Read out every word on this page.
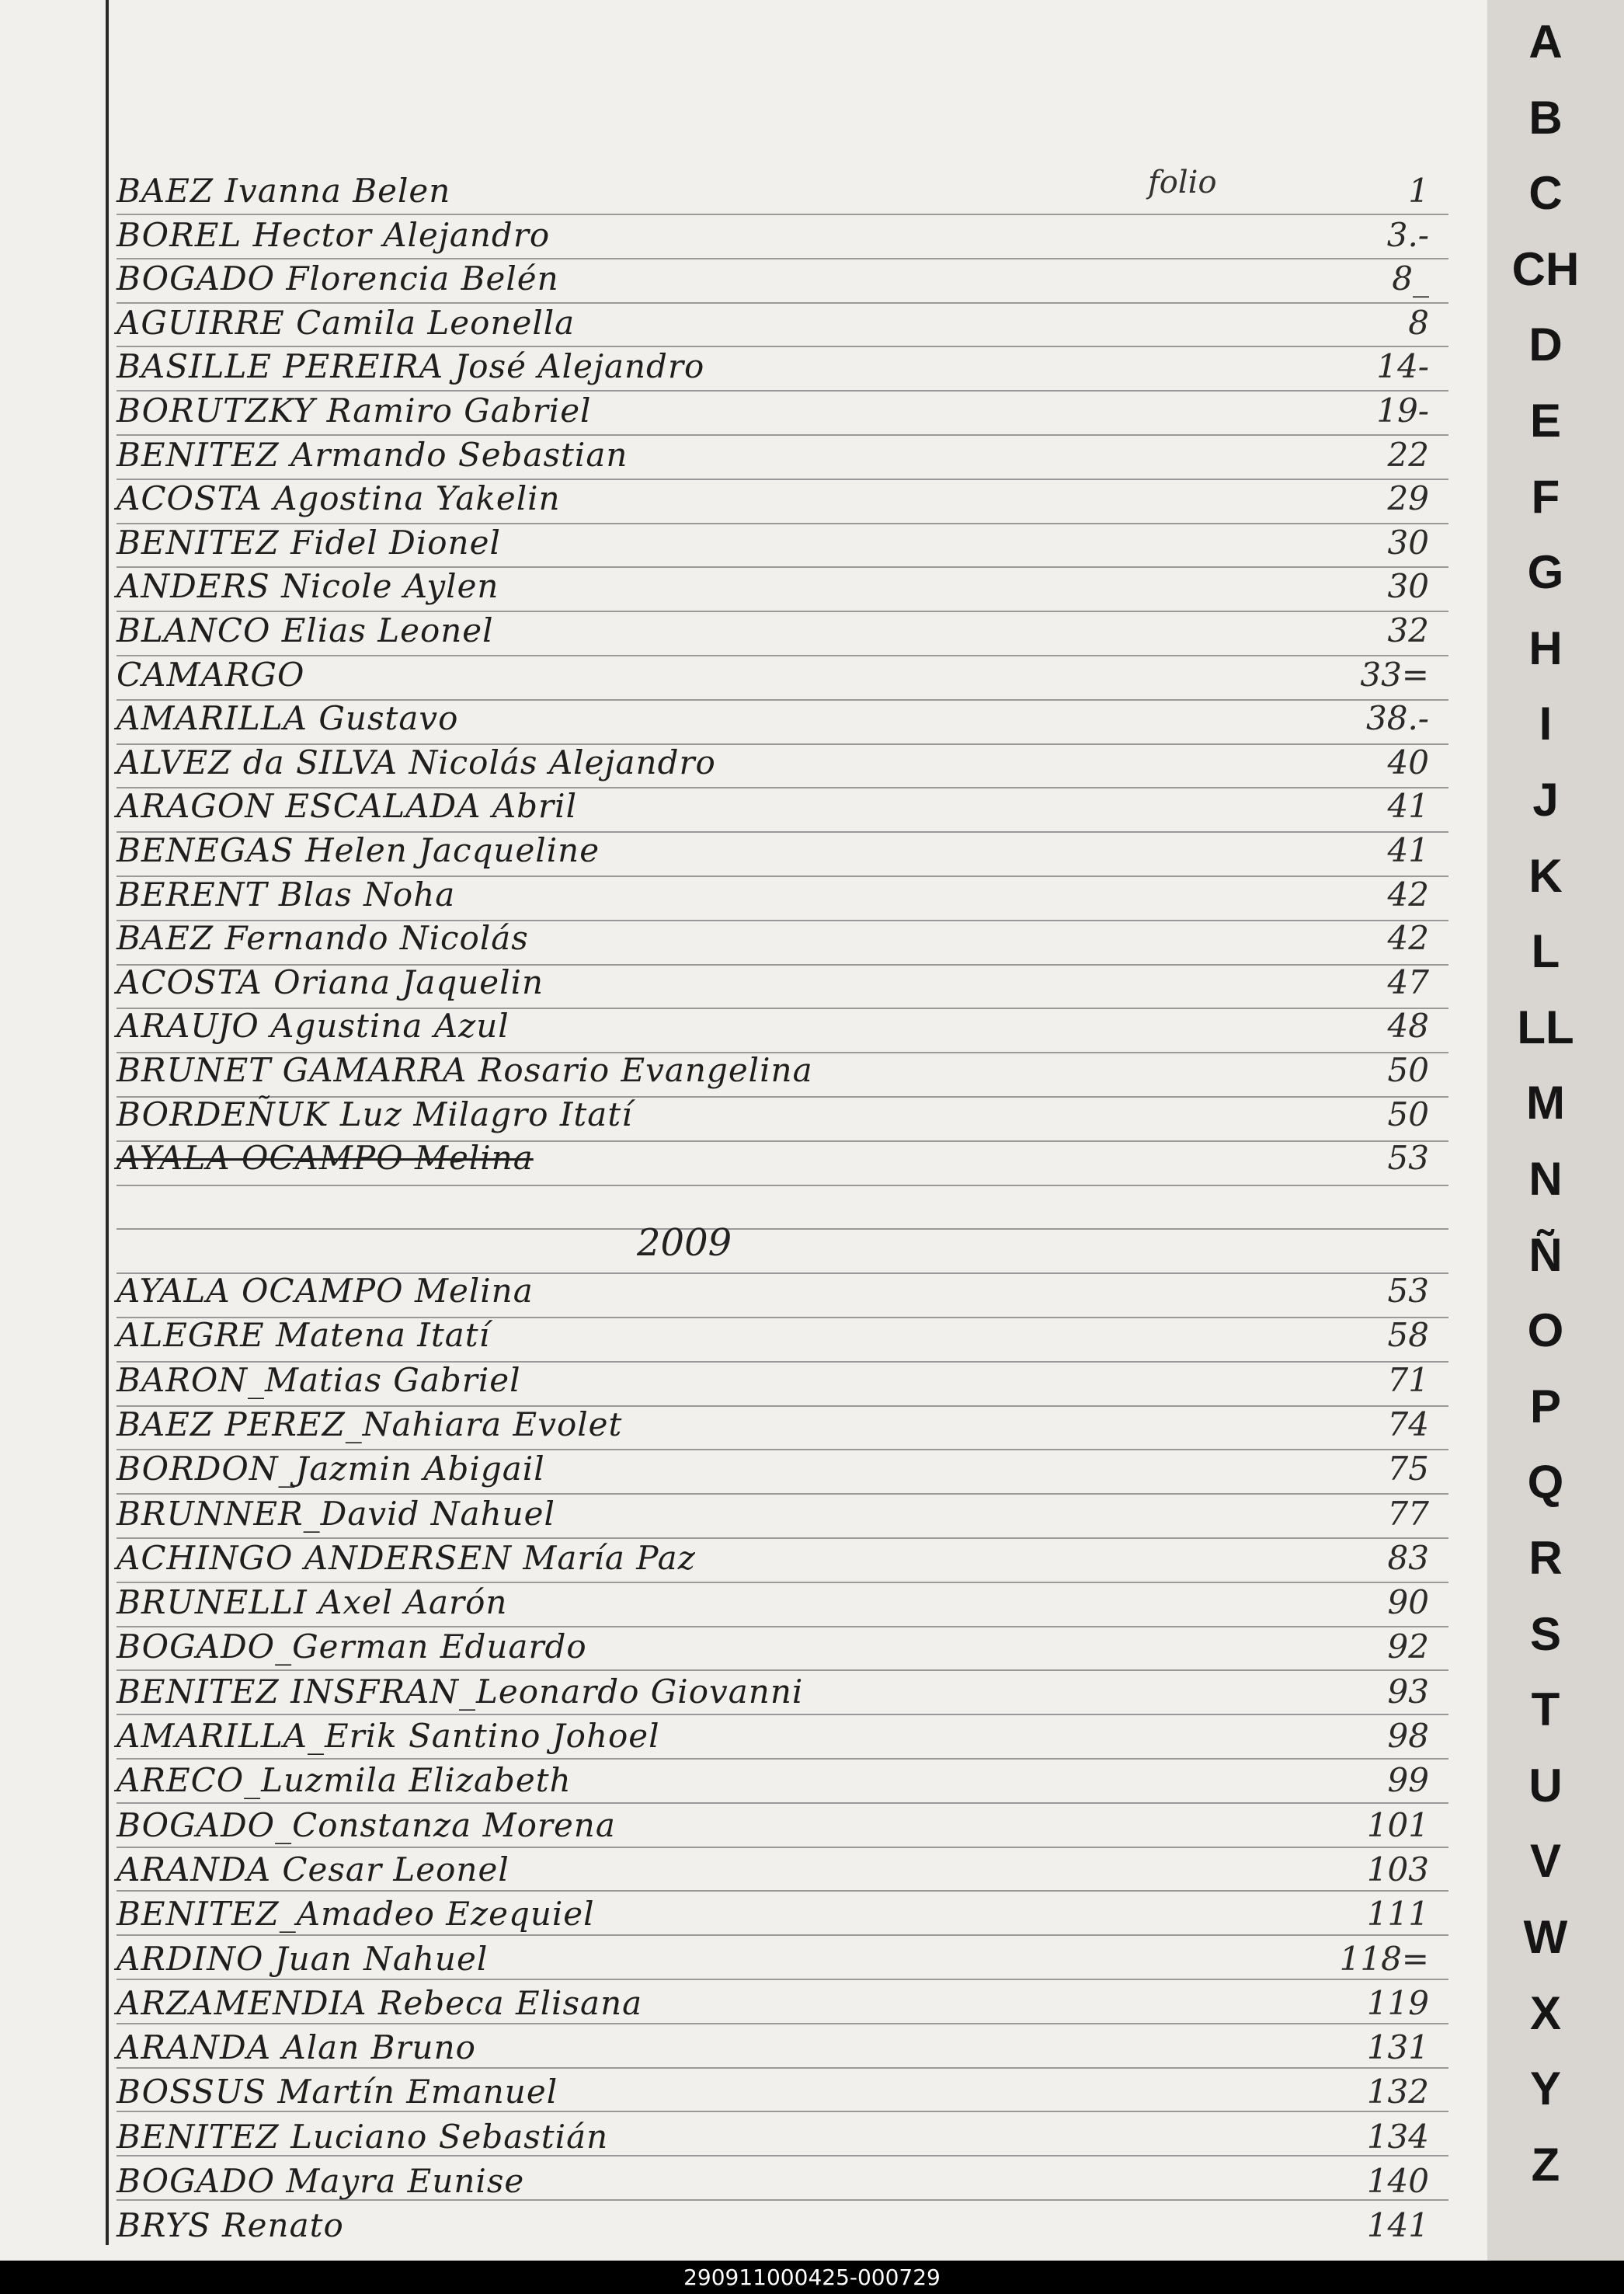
folio
2009
BAEZ Ivanna Belen	1
BOREL Hector Alejandro	3.-
BOGADO Florencia Belén	8_
AGUIRRE Camila Leonella	8
BASILLE PEREIRA José Alejandro	14-
BORUTZKY Ramiro Gabriel	19-
BENITEZ Armando Sebastian	22
ACOSTA Agostina Yakelin	29
BENITEZ Fidel Dionel	30
ANDERS Nicole Aylen	30
BLANCO Elias Leonel	32
CAMARGO	33=
AMARILLA Gustavo	38.-
ALVEZ da SILVA Nicolás Alejandro	40
ARAGON ESCALADA Abril	41
BENEGAS Helen Jacqueline	41
BERENT Blas Noha	42
BAEZ Fernando Nicolás	42
ACOSTA Oriana Jaquelin	47
ARAUJO Agustina Azul	48
BRUNET GAMARRA Rosario Evangelina	50
BORDEÑUK Luz Milagro Itatí	50
AYALA OCAMPO Melina	53
AYALA OCAMPO Melina	53
ALEGRE Matena Itatí	58
BARON_Matias Gabriel	71
BAEZ PEREZ_Nahiara Evolet	74
BORDON_Jazmin Abigail	75
BRUNNER_David Nahuel	77
ACHINGO ANDERSEN María Paz	83
BRUNELLI Axel Aarón	90
BOGADO_German Eduardo	92
BENITEZ INSFRAN_Leonardo Giovanni	93
AMARILLA_Erik Santino Johoel	98
ARECO_Luzmila Elizabeth	99
BOGADO_Constanza Morena	101
ARANDA Cesar Leonel	103
BENITEZ_Amadeo Ezequiel	111
ARDINO Juan Nahuel	118=
ARZAMENDIA Rebeca Elisana	119
ARANDA Alan Bruno	131
BOSSUS Martín Emanuel	132
BENITEZ Luciano Sebastián	134
BOGADO Mayra Eunise	140
BRYS Renato	141
A
B
C
CH
D
E
F
G
H
I
J
K
L
LL
M
N
Ñ
O
P
Q
R
S
T
U
V
W
X
Y
Z
290911000425-000729
